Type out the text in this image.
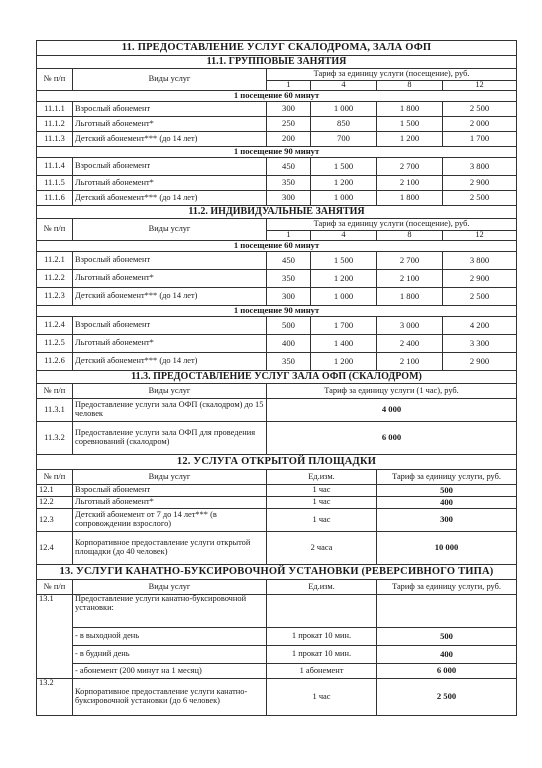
11. ПРЕДОСТАВЛЕНИЕ УСЛУГ СКАЛОДРОМА, ЗАЛА ОФП					
11.1. ГРУППОВЫЕ ЗАНЯТИЯ					
№ п/п	Виды услуг	Тариф за единицу услуги (посещение), руб.			
		1	4	8	12
1 посещение 60 минут					
11.1.1	Взрослый абонемент	300	1 000	1 800	2 500
11.1.2	Льготный абонемент*	250	850	1 500	2 000
11.1.3	Детский абонемент*** (до 14 лет)	200	700	1 200	1 700
1 посещение 90 минут					
11.1.4	Взрослый абонемент	450	1 500	2 700	3 800
11.1.5	Льготный абонемент*	350	1 200	2 100	2 900
11.1.6	Детский абонемент*** (до 14 лет)	300	1 000	1 800	2 500
11.2. ИНДИВИДУАЛЬНЫЕ ЗАНЯТИЯ					
№ п/п	Виды услуг	Тариф за единицу услуги (посещение), руб.			
		1	4	8	12
1 посещение 60 минут					
11.2.1	Взрослый абонемент	450	1 500	2 700	3 800
11.2.2	Льготный абонемент*	350	1 200	2 100	2 900
11.2.3	Детский абонемент*** (до 14 лет)	300	1 000	1 800	2 500
1 посещение 90 минут					
11.2.4	Взрослый абонемент	500	1 700	3 000	4 200
11.2.5	Льготный абонемент*	400	1 400	2 400	3 300
11.2.6	Детский абонемент*** (до 14 лет)	350	1 200	2 100	2 900
11.3. ПРЕДОСТАВЛЕНИЕ УСЛУГ ЗАЛА ОФП (СКАЛОДРОМ)					
№ п/п	Виды услуг	Тариф за единицу услуги (1 час), руб.			
11.3.1	Предоставление услуги зала ОФП (скалодром) до 15 человек	4 000			
11.3.2	Предоставление услуги зала ОФП для проведения соревнований (скалодром)	6 000			
12. УСЛУГА ОТКРЫТОЙ ПЛОЩАДКИ					
№ п/п	Виды услуг	Ед.изм.		Тариф за единицу услуги, руб.	
12.1	Взрослый абонемент	1 час		500	
12.2	Льготный абонемент*	1 час		400	
12.3	Детский абонемент от 7 до 14 лет*** (в сопровождении взрослого)	1 час		300	
12.4	Корпоративное предоставление услуги открытой площадки (до 40 человек)	2 часа		10 000	
13. УСЛУГИ КАНАТНО-БУКСИРОВОЧНОЙ УСТАНОВКИ (РЕВЕРСИВНОГО ТИПА)					
№ п/п	Виды услуг	Ед.изм.		Тариф за единицу услуги, руб.	
13.1	Предоставление услуги канатно-буксировочной установки:				
	- в выходной день	1 прокат 10 мин.		500	
	- в будний день	1 прокат 10 мин.		400	
	- абонемент (200 минут на 1 месяц)	1 абонемент		6 000	
13.2	Корпоративное предоставление услуги канатно-буксировочной установки (до 6 человек)	1 час		2 500	
